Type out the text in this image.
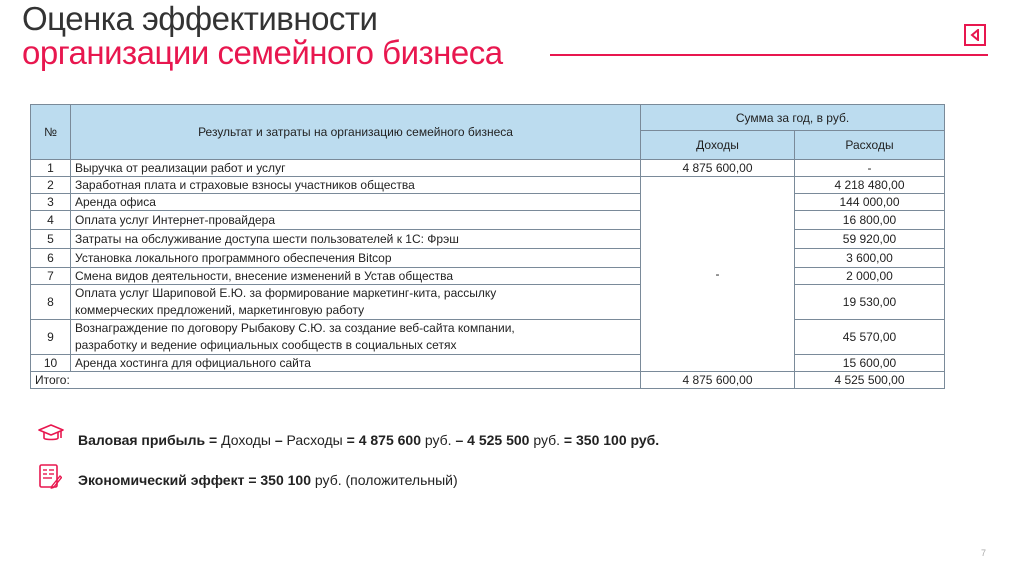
Оценка эффективности
организации семейного бизнеса
№	Результат и затраты на организацию семейного бизнеса	Сумма за год, в руб.	
		Доходы	Расходы
1	Выручка от реализации работ и услуг	4 875 600,00	-
2	Заработная плата и страховые взносы участников общества	-	4 218 480,00
3	Аренда офиса		144 000,00
4	Оплата услуг Интернет-провайдера		16 800,00
5	Затраты на обслуживание доступа шести пользователей к 1С: Фрэш		59 920,00
6	Установка локального программного обеспечения Bitcop		3 600,00
7	Смена видов деятельности, внесение изменений в Устав общества		2 000,00
8	Оплата услуг Шариповой Е.Ю. за формирование маркетинг-кита, рассылку
коммерческих предложений, маркетинговую работу		19 530,00
9	Вознаграждение по договору Рыбакову С.Ю. за создание веб-сайта компании,
разработку и ведение официальных сообществ в социальных сетях		45 570,00
10	Аренда хостинга для официального сайта		15 600,00
Итого:		4 875 600,00	4 525 500,00
Валовая прибыль = Доходы – Расходы = 4 875 600 руб. – 4 525 500 руб. = 350 100 руб.
Экономический эффект = 350 100 руб. (положительный)
7
